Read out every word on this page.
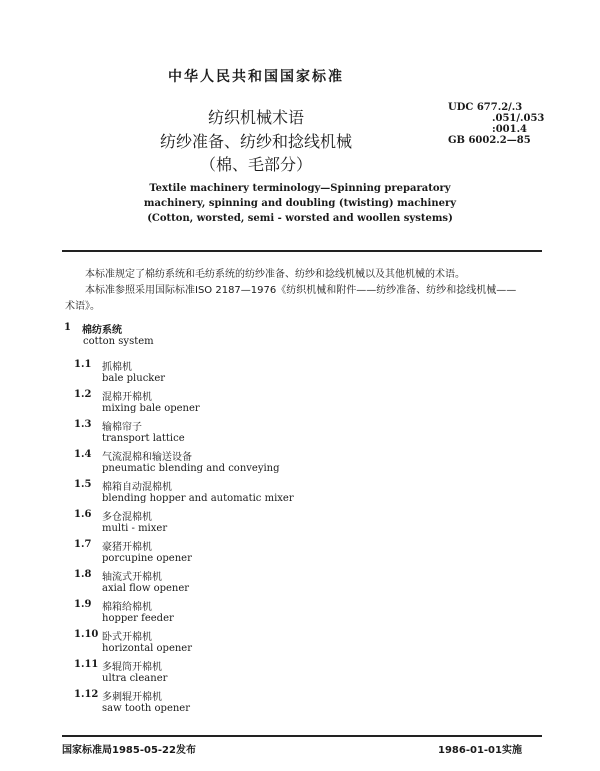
中华人民共和国国家标准
纺织机械术语
纺纱准备、纺纱和捻线机械
（棉、毛部分）
UDC 677.2/.3
.051/.053
:001.4
GB 6002.2—85
Textile machinery terminology—Spinning preparatory
machinery, spinning and doubling (twisting) machinery
(Cotton, worsted, semi - worsted and woollen systems)
本标准规定了棉纺系统和毛纺系统的纺纱准备、纺纱和捻线机械以及其他机械的术语。
本标准参照采用国际标准ISO 2187—1976《纺织机械和附件——纺纱准备、纺纱和捻线机械——
术语》。
1 棉纺系统
cotton system
1.1 抓棉机
bale plucker
1.2 混棉开棉机
mixing bale opener
1.3 输棉帘子
transport lattice
1.4 气流混棉和输送设备
pneumatic blending and conveying
1.5 棉箱自动混棉机
blending hopper and automatic mixer
1.6 多仓混棉机
multi - mixer
1.7 豪猪开棉机
porcupine opener
1.8 轴流式开棉机
axial flow opener
1.9 棉箱给棉机
hopper feeder
1.10 卧式开棉机
horizontal opener
1.11 多辊筒开棉机
ultra cleaner
1.12 多刺辊开棉机
saw tooth opener
国家标准局1985-05-22发布	1986-01-01实施
